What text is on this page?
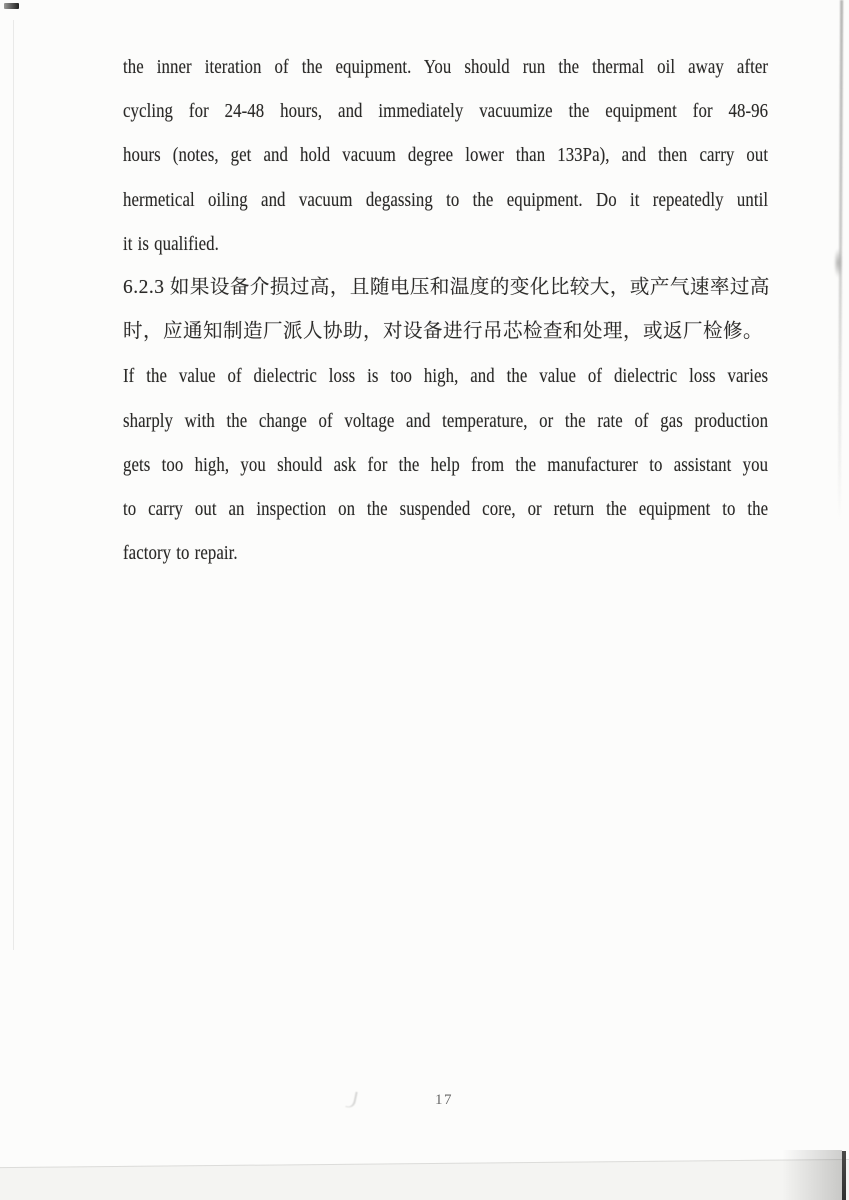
the inner iteration of the equipment. You should run the thermal oil away after
cycling for 24-48 hours, and immediately vacuumize the equipment for 48-96
hours (notes, get and hold vacuum degree lower than 133Pa), and then carry out
hermetical oiling and vacuum degassing to the equipment. Do it repeatedly until
it is qualified.
6.2.3 如果设备介损过高，且随电压和温度的变化比较大，或产气速率过高
时，应通知制造厂派人协助，对设备进行吊芯检查和处理，或返厂检修。
If the value of dielectric loss is too high, and the value of dielectric loss varies
sharply with the change of voltage and temperature, or the rate of gas production
gets too high, you should ask for the help from the manufacturer to assistant you
to carry out an inspection on the suspended core, or return the equipment to the
factory to repair.
17
